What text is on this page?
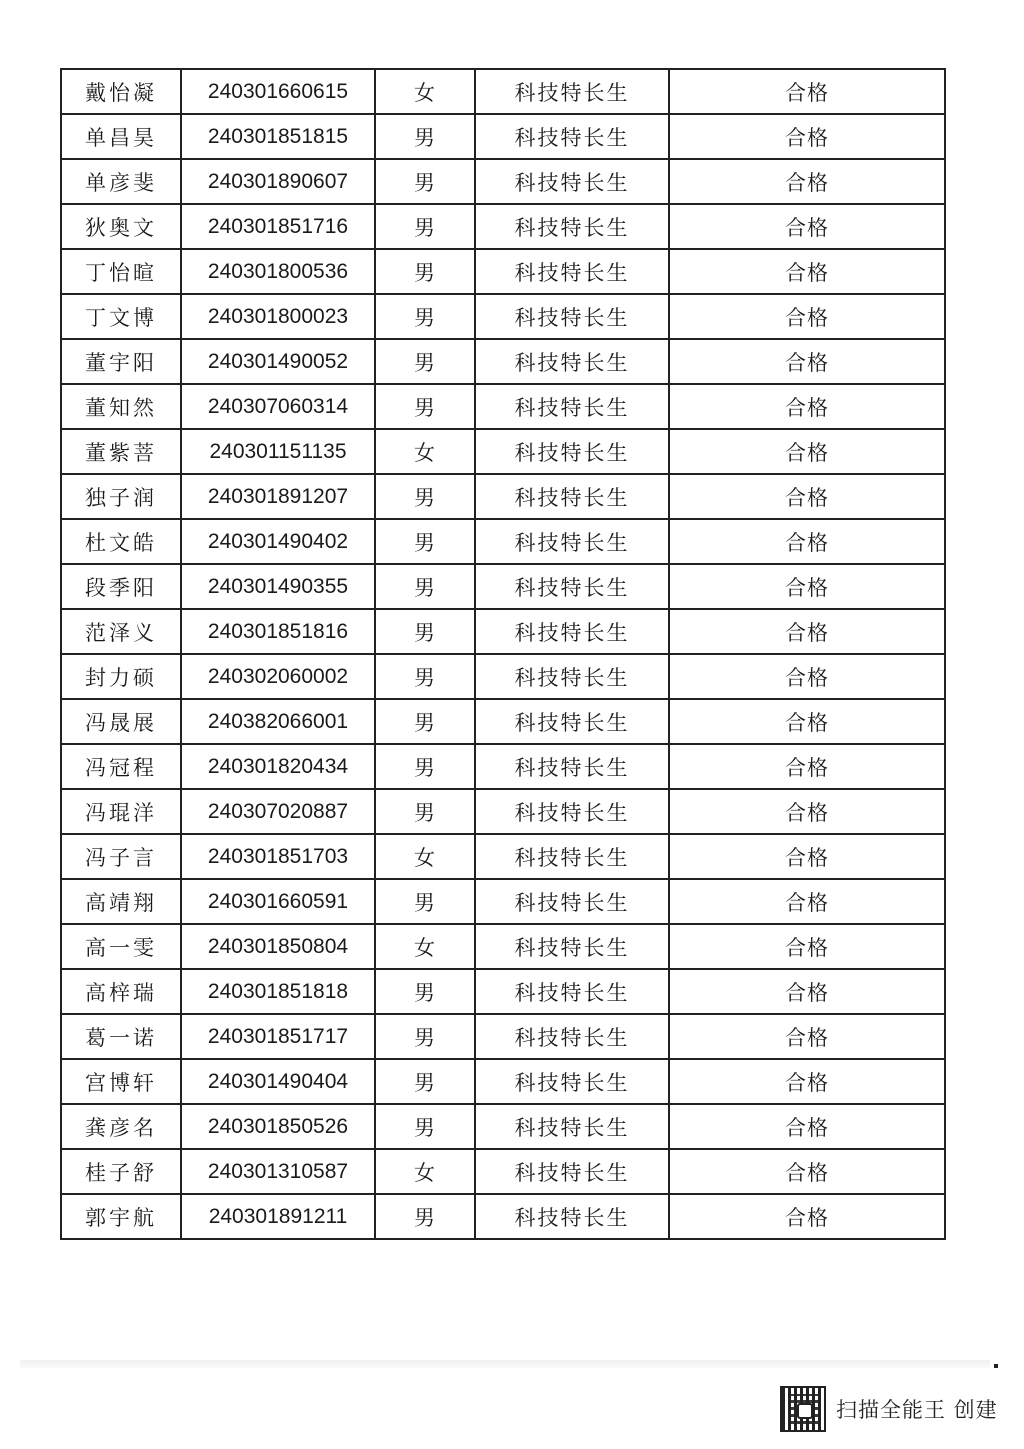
戴怡凝	240301660615	女	科技特长生	合格
单昌昊	240301851815	男	科技特长生	合格
单彦斐	240301890607	男	科技特长生	合格
狄奥文	240301851716	男	科技特长生	合格
丁怡暄	240301800536	男	科技特长生	合格
丁文博	240301800023	男	科技特长生	合格
董宇阳	240301490052	男	科技特长生	合格
董知然	240307060314	男	科技特长生	合格
董紫菩	240301151135	女	科技特长生	合格
独子润	240301891207	男	科技特长生	合格
杜文皓	240301490402	男	科技特长生	合格
段季阳	240301490355	男	科技特长生	合格
范泽义	240301851816	男	科技特长生	合格
封力硕	240302060002	男	科技特长生	合格
冯晟展	240382066001	男	科技特长生	合格
冯冠程	240301820434	男	科技特长生	合格
冯琨洋	240307020887	男	科技特长生	合格
冯子言	240301851703	女	科技特长生	合格
高靖翔	240301660591	男	科技特长生	合格
高一雯	240301850804	女	科技特长生	合格
高梓瑞	240301851818	男	科技特长生	合格
葛一诺	240301851717	男	科技特长生	合格
宫博轩	240301490404	男	科技特长生	合格
龚彦名	240301850526	男	科技特长生	合格
桂子舒	240301310587	女	科技特长生	合格
郭宇航	240301891211	男	科技特长生	合格
扫描全能王 创建
